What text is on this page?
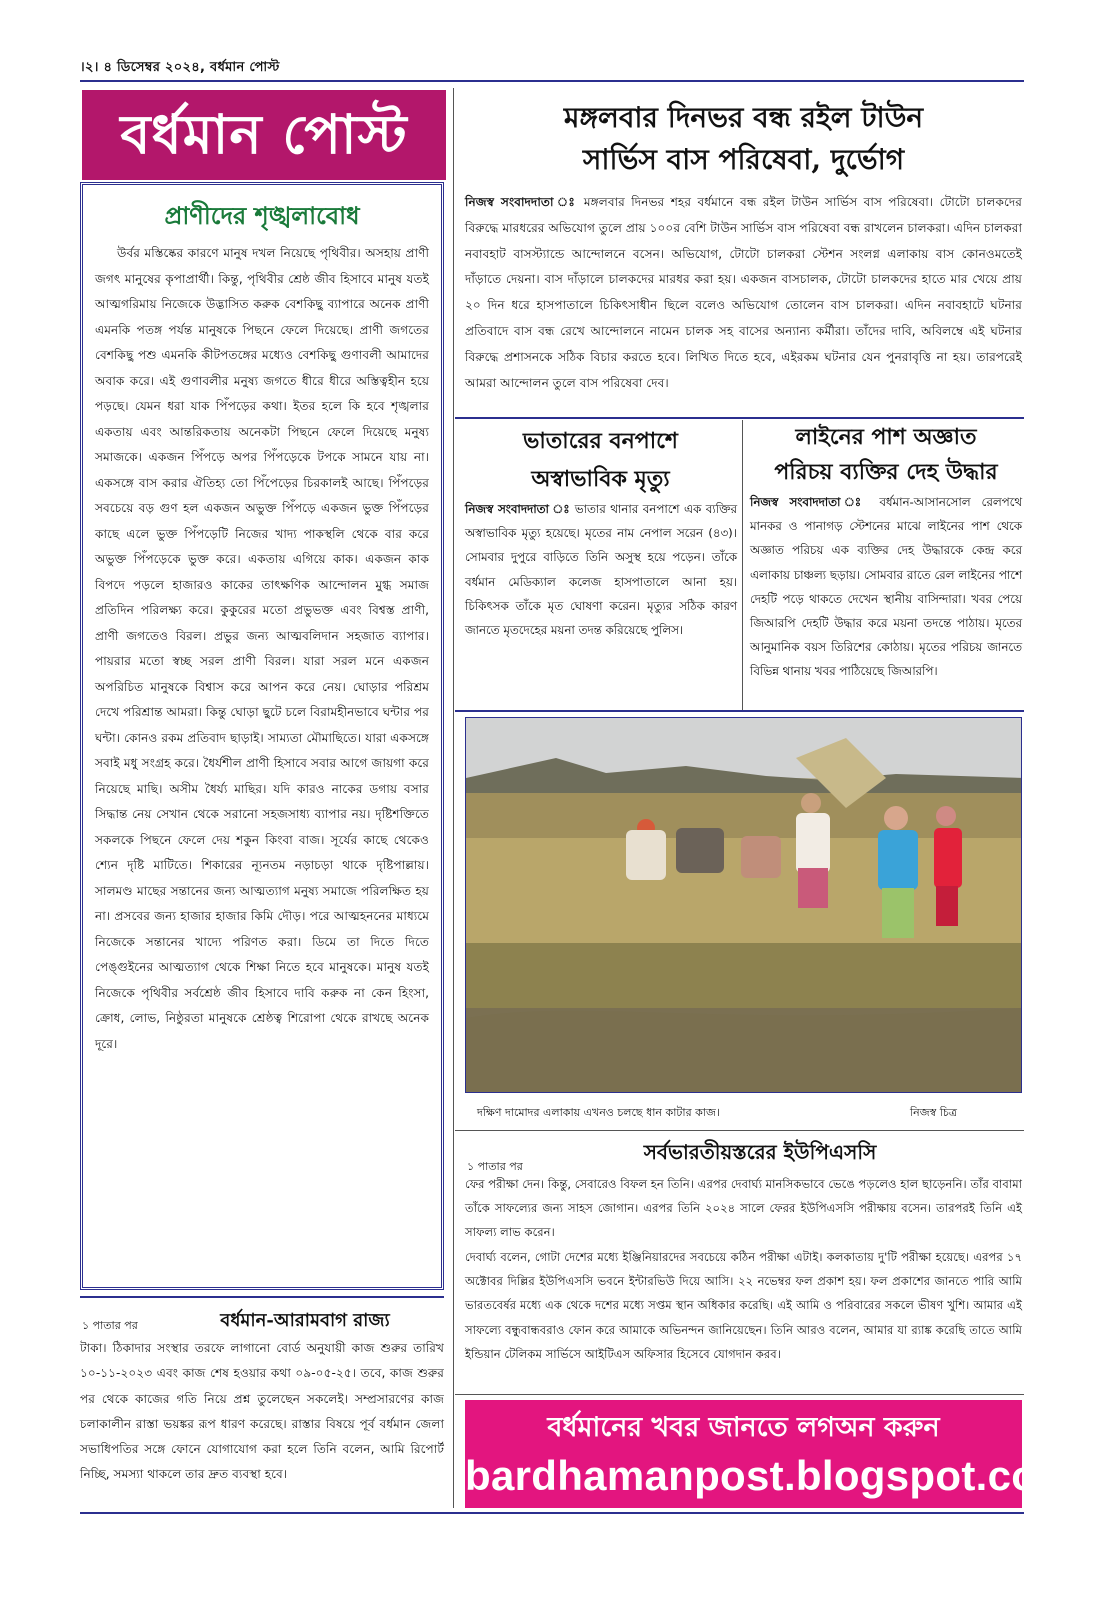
।২। ৪ ডিসেম্বর ২০২৪, বর্ধমান পোস্ট
বর্ধমান পোস্ট
প্রাণীদের শৃঙ্খলাবোধ
উর্বর মস্তিষ্কের কারণে মানুষ দখল নিয়েছে পৃথিবীর। অসহায় প্রাণী জগৎ মানুষের কৃপাপ্রার্থী। কিন্তু, পৃথিবীর শ্রেষ্ঠ জীব হিসাবে মানুষ যতই আত্মগরিমায় নিজেকে উদ্ভাসিত করুক বেশকিছু ব্যাপারে অনেক প্রাণী এমনকি পতঙ্গ পর্যন্ত মানুষকে পিছনে ফেলে দিয়েছে। প্রাণী জগতের বেশকিছু পশু এমনকি কীটপতঙ্গের মধ্যেও বেশকিছু গুণাবলী আমাদের অবাক করে। এই গুণাবলীর মনুষ্য জগতে ধীরে ধীরে অস্তিত্বহীন হয়ে পড়ছে। যেমন ধরা যাক পিঁপড়ের কথা। ইতর হলে কি হবে শৃঙ্খলার একতায় এবং আন্তরিকতায় অনেকটা পিছনে ফেলে দিয়েছে মনুষ্য সমাজকে। একজন পিঁপড়ে অপর পিঁপড়েকে টপকে সামনে যায় না। একসঙ্গে বাস করার ঐতিহ্য তো পিঁপেড়ের চিরকালই আছে। পিঁপড়ের সবচেয়ে বড় গুণ হল একজন অভুক্ত পিঁপড়ে একজন ভুক্ত পিঁপড়ের কাছে এলে ভুক্ত পিঁপড়েটি নিজের খাদ্য পাকস্থলি থেকে বার করে অভুক্ত পিঁপড়েকে ভুক্ত করে। একতায় এগিয়ে কাক। একজন কাক বিপদে পড়লে হাজারও কাকের তাৎক্ষণিক আন্দোলন মুগ্ধ সমাজ প্রতিদিন পরিলক্ষ্য করে। কুকুরের মতো প্রভুভক্ত এবং বিশ্বস্ত প্রাণী, প্রাণী জগতেও বিরল। প্রভুর জন্য আত্মবলিদান সহজাত ব্যাপার। পায়রার মতো স্বচ্ছ সরল প্রাণী বিরল। যারা সরল মনে একজন অপরিচিত মানুষকে বিশ্বাস করে আপন করে নেয়। ঘোড়ার পরিশ্রম দেখে পরিশ্রান্ত আমরা। কিন্তু ঘোড়া ছুটে চলে বিরামহীনভাবে ঘন্টার পর ঘন্টা। কোনও রকম প্রতিবাদ ছাড়াই। সাম্যতা মৌমাছিতে। যারা একসঙ্গে সবাই মধু সংগ্রহ করে। ধৈর্যশীল প্রাণী হিসাবে সবার আগে জায়গা করে নিয়েছে মাছি। অসীম ধৈর্য্য মাছির। যদি কারও নাকের ডগায় বসার সিদ্ধান্ত নেয় সেখান থেকে সরানো সহজসাধ্য ব্যাপার নয়। দৃষ্টিশক্তিতে সকলকে পিছনে ফেলে দেয় শকুন কিংবা বাজ। সূর্যের কাছে থেকেও শ্যেন দৃষ্টি মাটিতে। শিকারের ন্যূনতম নড়াচড়া থাকে দৃষ্টিপাল্লায়। সালমণ্ড মাছের সন্তানের জন্য আত্মত্যাগ মনুষ্য সমাজে পরিলক্ষিত হয় না। প্রসবের জন্য হাজার হাজার কিমি দৌড়। পরে আত্মহননের মাধ্যমে নিজেকে সন্তানের খাদ্যে পরিণত করা। ডিমে তা দিতে দিতে পেঙ্গুইনের আত্মত্যাগ থেকে শিক্ষা নিতে হবে মানুষকে। মানুষ যতই নিজেকে পৃথিবীর সর্বশ্রেষ্ঠ জীব হিসাবে দাবি করুক না কেন হিংসা, ক্রোধ, লোভ, নিষ্ঠুরতা মানুষকে শ্রেষ্ঠত্ব শিরোপা থেকে রাখছে অনেক দূরে।
১ পাতার পর	বর্ধমান-আরামবাগ রাজ্য
টাকা। ঠিকাদার সংস্থার তরফে লাগানো বোর্ড অনুযায়ী কাজ শুরুর তারিখ ১০-১১-২০২৩ এবং কাজ শেষ হওয়ার কথা ০৯-০৫-২৫। তবে, কাজ শুরুর পর থেকে কাজের গতি নিয়ে প্রশ্ন তুলেছেন সকলেই। সম্প্রসারণের কাজ চলাকালীন রাস্তা ভয়ঙ্কর রূপ ধারণ করেছে। রাস্তার বিষয়ে পূর্ব বর্ধমান জেলা সভাধিপতির সঙ্গে ফোনে যোগাযোগ করা হলে তিনি বলেন, আমি রিপোর্ট নিচ্ছি, সমস্যা থাকলে তার দ্রুত ব্যবস্থা হবে।
মঙ্গলবার দিনভর বন্ধ রইল টাউন
সার্ভিস বাস পরিষেবা, দুর্ভোগ
নিজস্ব সংবাদদাতা ঃ মঙ্গলবার দিনভর শহর বর্ধমানে বন্ধ রইল টাউন সার্ভিস বাস পরিষেবা। টোটো চালকদের বিরুদ্ধে মারধরের অভিযোগ তুলে প্রায় ১০০র বেশি টাউন সার্ভিস বাস পরিষেবা বন্ধ রাখলেন চালকরা। এদিন চালকরা নবাবহাট বাসস্ট্যান্ডে আন্দোলনে বসেন। অভিযোগ, টোটো চালকরা স্টেশন সংলগ্ন এলাকায় বাস কোনওমতেই দাঁড়াতে দেয়না। বাস দাঁড়ালে চালকদের মারধর করা হয়। একজন বাসচালক, টোটো চালকদের হাতে মার খেয়ে প্রায় ২০ দিন ধরে হাসপাতালে চিকিৎসাধীন ছিলে বলেও অভিযোগ তোলেন বাস চালকরা। এদিন নবাবহাটে ঘটনার প্রতিবাদে বাস বন্ধ রেখে আন্দোলনে নামেন চালক সহ বাসের অন্যান্য কর্মীরা। তাঁদের দাবি, অবিলম্বে এই ঘটনার বিরুদ্ধে প্রশাসনকে সঠিক বিচার করতে হবে। লিখিত দিতে হবে, এইরকম ঘটনার যেন পুনরাবৃত্তি না হয়। তারপরেই আমরা আন্দোলন তুলে বাস পরিষেবা দেব।
ভাতারের বনপাশে
অস্বাভাবিক মৃত্যু
নিজস্ব সংবাদদাতা ঃ ভাতার থানার বনপাশে এক ব্যক্তির অস্বাভাবিক মৃত্যু হয়েছে। মৃতের নাম নেপাল সরেন (৪৩)। সোমবার দুপুরে বাড়িতে তিনি অসুস্থ হয়ে পড়েন। তাঁকে বর্ধমান মেডিক্যাল কলেজ হাসপাতালে আনা হয়। চিকিৎসক তাঁকে মৃত ঘোষণা করেন। মৃত্যুর সঠিক কারণ জানতে মৃতদেহের ময়না তদন্ত করিয়েছে পুলিস।
লাইনের পাশ অজ্ঞাত
পরিচয় ব্যক্তির দেহ উদ্ধার
নিজস্ব সংবাদদাতা ঃ বর্ধমান-আসানসোল রেলপথে মানকর ও পানাগড় স্টেশনের মাঝে লাইনের পাশ থেকে অজ্ঞাত পরিচয় এক ব্যক্তির দেহ উদ্ধারকে কেন্দ্র করে এলাকায় চাঞ্চল্য ছড়ায়। সোমবার রাতে রেল লাইনের পাশে দেহটি পড়ে থাকতে দেখেন স্থানীয় বাসিন্দারা। খবর পেয়ে জিআরপি দেহটি উদ্ধার করে ময়না তদন্তে পাঠায়। মৃতের আনুমানিক বয়স তিরিশের কোঠায়। মৃতের পরিচয় জানতে বিভিন্ন থানায় খবর পাঠিয়েছে জিআরপি।
দক্ষিণ দামোদর এলাকায় এখনও চলছে ধান কাটার কাজ।	নিজস্ব চিত্র
১ পাতার পর
সর্বভারতীয়স্তরের ইউপিএসসি
ফের পরীক্ষা দেন। কিন্তু, সেবারেও বিফল হন তিনি। এরপর দেবার্ঘ্য মানসিকভাবে ভেঙে পড়লেও হাল ছাড়েননি। তাঁর বাবামা তাঁকে সাফল্যের জন্য সাহস জোগান। এরপর তিনি ২০২৪ সালে ফেরর ইউপিএসসি পরীক্ষায় বসেন। তারপরই তিনি এই সাফল্য লাভ করেন।
দেবার্ঘ্য বলেন, গোটা দেশের মধ্যে ইঞ্জিনিয়ারদের সবচেয়ে কঠিন পরীক্ষা এটাই। কলকাতায় দু'টি পরীক্ষা হয়েছে। এরপর ১৭ অক্টোবর দিল্লির ইউপিএসসি ভবনে ইন্টারভিউ দিয়ে আসি। ২২ নভেম্বর ফল প্রকাশ হয়। ফল প্রকাশের জানতে পারি আমি ভারতবের্ষর মধ্যে এক থেকে দশের মধ্যে সপ্তম স্থান অধিকার করেছি। এই আমি ও পরিবারের সকলে ভীষণ খুশি। আমার এই সাফল্যে বন্ধুবান্ধবরাও ফোন করে আমাকে অভিনন্দন জানিয়েছেন। তিনি আরও বলেন, আমার যা র‌্যাঙ্ক করেছি তাতে আমি ইন্ডিয়ান টেলিকম সার্ভিসে আইটিএস অফিসার হিসেবে যোগদান করব।
বর্ধমানের খবর জানতে লগঅন করুন
bardhamanpost.blogspot.com
